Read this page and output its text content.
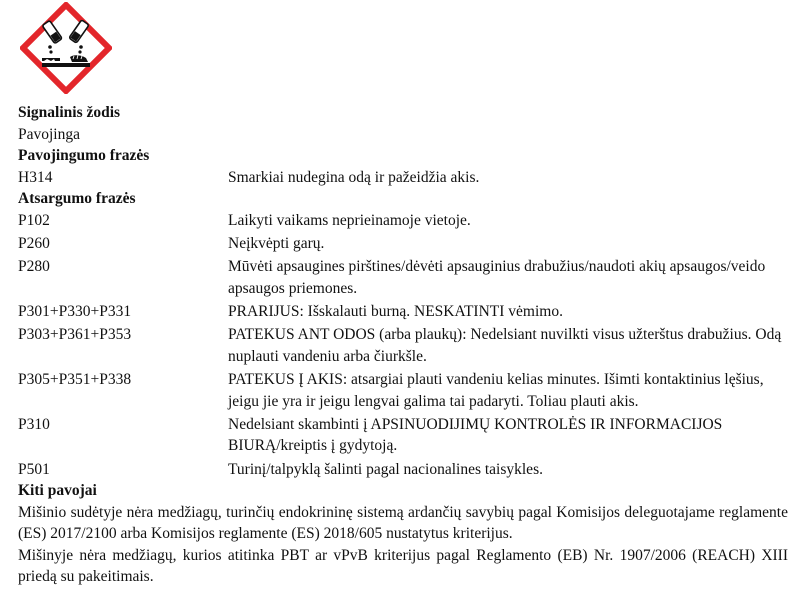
Signalinis žodis

Pavojinga

Pavojingumo frazės

H314	Smarkiai nudegina odą ir pažeidžia akis.

Atsargumo frazės

P102	Laikyti vaikams neprieinamoje vietoje.
P260	Neįkvėpti garų.
P280	Mūvėti apsaugines pirštines/dėvėti apsauginius drabužius/naudoti akių apsaugos/veido apsaugos priemones.
P301+P330+P331	PRARIJUS: Išskalauti burną. NESKATINTI vėmimo.
P303+P361+P353	PATEKUS ANT ODOS (arba plaukų): Nedelsiant nuvilkti visus užterštus drabužius. Odą nuplauti vandeniu arba čiurkšle.
P305+P351+P338	PATEKUS Į AKIS: atsargiai plauti vandeniu kelias minutes. Išimti kontaktinius lęšius, jeigu jie yra ir jeigu lengvai galima tai padaryti. Toliau plauti akis.
P310	Nedelsiant skambinti į APSINUODIJIMŲ KONTROLĖS IR INFORMACIJOS BIURĄ/kreiptis į gydytoją.
P501	Turinį/talpyklą šalinti pagal nacionalines taisykles.

Kiti pavojai

Mišinio sudėtyje nėra medžiagų, turinčių endokrininę sistemą ardančių savybių pagal Komisijos deleguotajame reglamente (ES) 2017/2100 arba Komisijos reglamente (ES) 2018/605 nustatytus kriterijus.

Mišinyje nėra medžiagų, kurios atitinka PBT ar vPvB kriterijus pagal Reglamento (EB) Nr. 1907/2006 (REACH) XIII priedą su pakeitimais.
